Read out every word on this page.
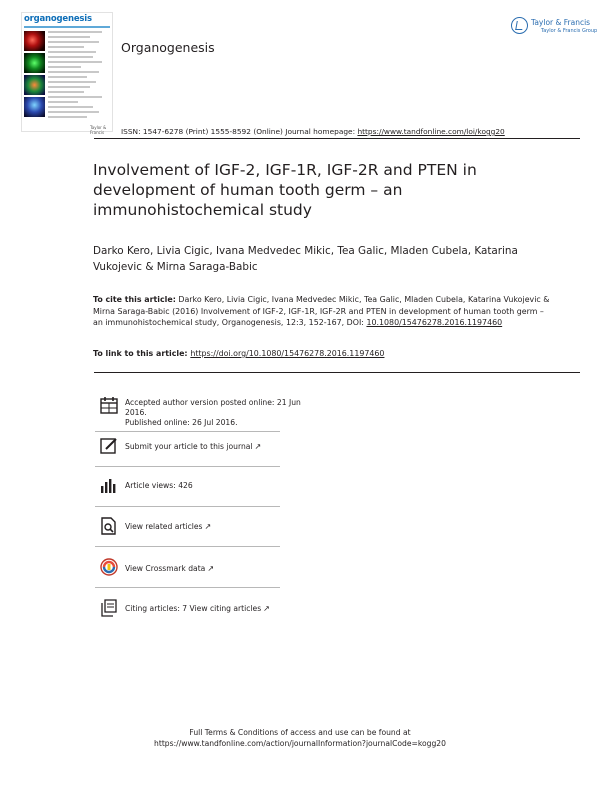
organogenesis
Taylor & Francis
Organogenesis
Taylor & Francis
Taylor & Francis Group
ISSN: 1547-6278 (Print) 1555-8592 (Online) Journal homepage: https://www.tandfonline.com/loi/kogg20
Involvement of IGF-2, IGF-1R, IGF-2R and PTEN in development of human tooth germ – an immunohistochemical study
Darko Kero, Livia Cigic, Ivana Medvedec Mikic, Tea Galic, Mladen Cubela, Katarina Vukojevic & Mirna Saraga-Babic
To cite this article: Darko Kero, Livia Cigic, Ivana Medvedec Mikic, Tea Galic, Mladen Cubela, Katarina Vukojevic & Mirna Saraga-Babic (2016) Involvement of IGF-2, IGF-1R, IGF-2R and PTEN in development of human tooth germ – an immunohistochemical study, Organogenesis, 12:3, 152-167, DOI: 10.1080/15476278.2016.1197460
To link to this article: https://doi.org/10.1080/15476278.2016.1197460
Accepted author version posted online: 21 Jun 2016.
Published online: 26 Jul 2016.
Submit your article to this journal ↗
Article views: 426
View related articles ↗
View Crossmark data ↗
Citing articles: 7 View citing articles ↗
Full Terms & Conditions of access and use can be found at
https://www.tandfonline.com/action/journalInformation?journalCode=kogg20
